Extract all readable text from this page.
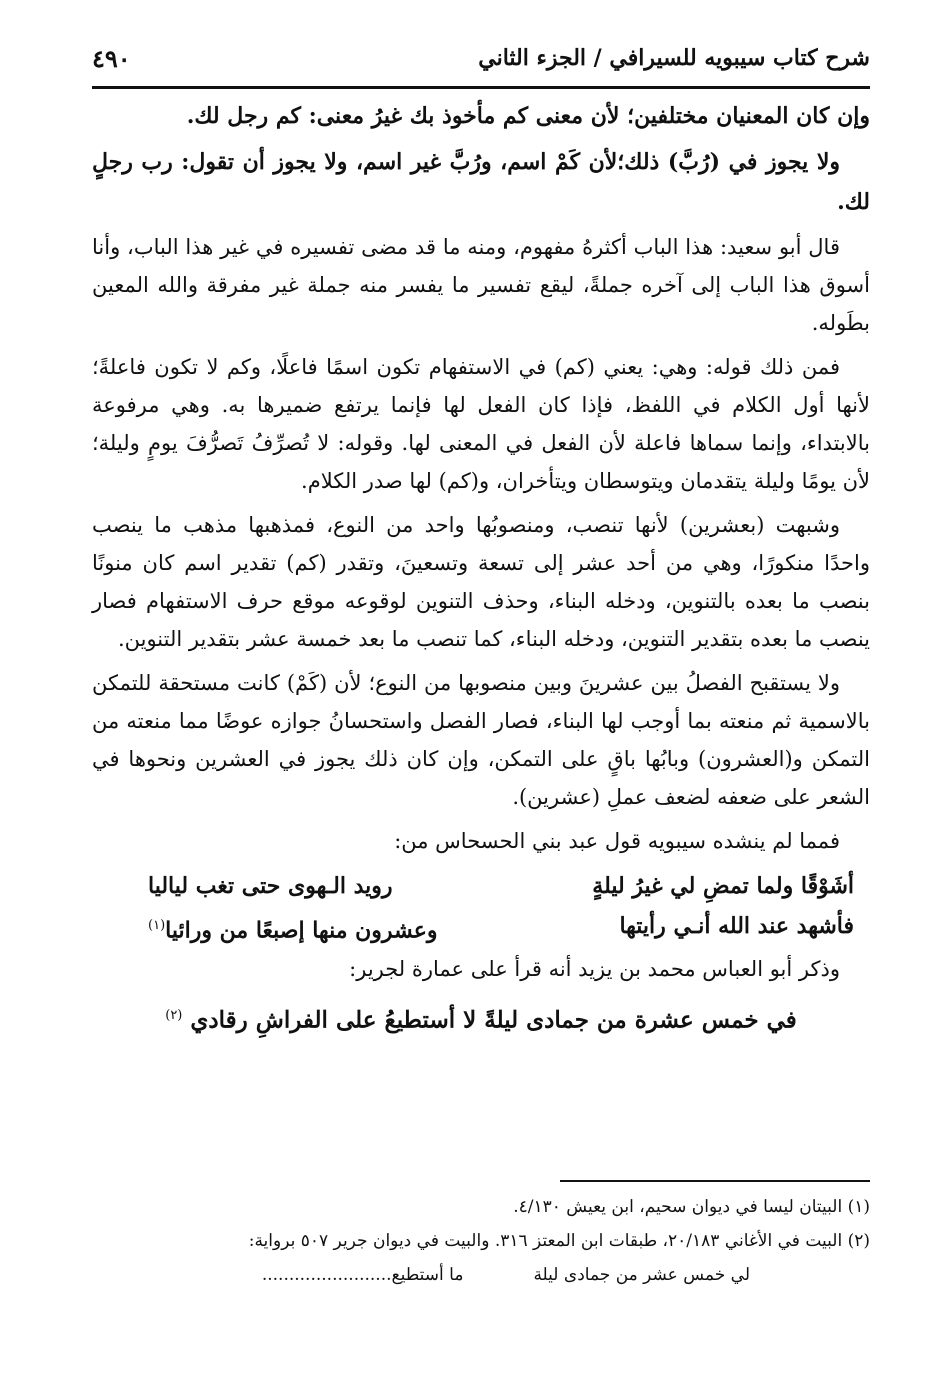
شرح كتاب سيبويه للسيرافي / الجزء الثاني
٤٩٠

وإن كان المعنيان مختلفين؛ لأن معنى كم مأخوذ بك غيرُ معنى: كم رجل لك.

ولا يجوز في (رُبَّ) ذلك؛لأن كَمْ اسم، ورُبَّ غير اسم، ولا يجوز أن تقول: رب رجلٍ لك.

قال أبو سعيد: هذا الباب أكثرهُ مفهوم، ومنه ما قد مضى تفسيره في غير هذا الباب، وأنا أسوق هذا الباب إلى آخره جملةً، ليقع تفسير ما يفسر منه جملة غير مفرقة والله المعين بطَوله.

فمن ذلك قوله: وهي: يعني (كم) في الاستفهام تكون اسمًا فاعلًا، وكم لا تكون فاعلةً؛ لأنها أول الكلام في اللفظ، فإذا كان الفعل لها فإنما يرتفع ضميرها به. وهي مرفوعة بالابتداء، وإنما سماها فاعلة لأن الفعل في المعنى لها. وقوله: لا تُصرِّفُ تَصرُّفَ يومٍ وليلة؛ لأن يومًا وليلة يتقدمان ويتوسطان ويتأخران، و(كم) لها صدر الكلام.

وشبهت (بعشرين) لأنها تنصب، ومنصوبُها واحد من النوع، فمذهبها مذهب ما ينصب واحدًا منكورًا، وهي من أحد عشر إلى تسعة وتسعينَ، وتقدر (كم) تقدير اسم كان منونًا بنصب ما بعده بالتنوين، ودخله البناء، وحذف التنوين لوقوعه موقع حرف الاستفهام فصار ينصب ما بعده بتقدير التنوين، ودخله البناء، كما تنصب ما بعد خمسة عشر بتقدير التنوين.

ولا يستقبح الفصلُ بين عشرينَ وبين منصوبها من النوع؛ لأن (كَمْ) كانت مستحقة للتمكن بالاسمية ثم منعته بما أوجب لها البناء، فصار الفصل واستحسانُ جوازه عوضًا مما منعته من التمكن و(العشرون) وبابُها باقٍ على التمكن، وإن كان ذلك يجوز في العشرين ونحوها في الشعر على ضعفه لضعف عملِ (عشرين).

فمما لم ينشده سيبويه قول عبد بني الحسحاس من:

أشَوْقًا ولما تمضِ لي غيرُ ليلةٍ
رويد الـهوى حتى تغب لياليا
فأشهد عند الله أنـي رأيتها
وعشرون منها إصبعًا من ورائيا$^{(١)}$

وذكر أبو العباس محمد بن يزيد أنه قرأ على عمارة لجرير:

في خمس عشرة من جمادى ليلةً لا أستطيعُ على الفراشِ رقادي $^{(٢)}$

(١) البيتان ليسا في ديوان سحيم، ابن يعيش ٤/١٣٠.

(٢) البيت في الأغاني ٢٠/١٨٣، طبقات ابن المعتز ٣١٦. والبيت في ديوان جرير ٥٠٧ برواية:

لي خمس عشر من جمادى ليلة
ما أستطيع........................
